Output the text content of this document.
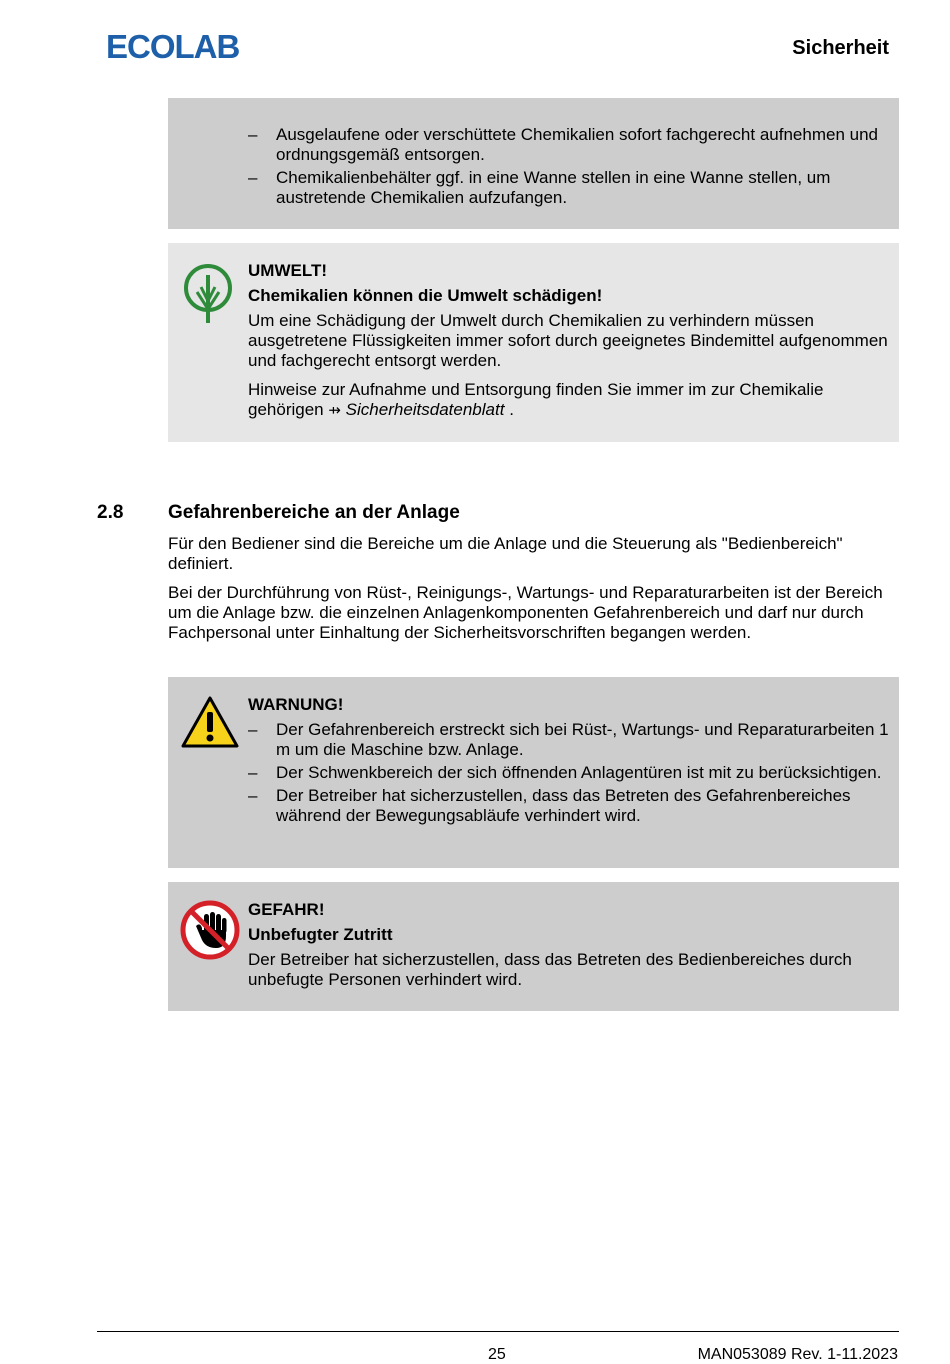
ECOLAB	Sicherheit
– Ausgelaufene oder verschüttete Chemikalien sofort fachgerecht aufnehmen und ordnungsgemäß entsorgen.
– Chemikalienbehälter ggf. in eine Wanne stellen in eine Wanne stellen, um austretende Chemikalien aufzufangen.
UMWELT!
Chemikalien können die Umwelt schädigen!

Um eine Schädigung der Umwelt durch Chemikalien zu verhindern müssen ausgetretene Flüssigkeiten immer sofort durch geeignetes Bindemittel aufgenommen und fachgerecht entsorgt werden.

Hinweise zur Aufnahme und Entsorgung finden Sie immer im zur Chemikalie gehörigen ⇸ Sicherheitsdatenblatt .

2.8 Gefahrenbereiche an der Anlage

Für den Bediener sind die Bereiche um die Anlage und die Steuerung als "Bedienbereich" definiert.

Bei der Durchführung von Rüst-, Reinigungs-, Wartungs- und Reparaturarbeiten ist der Bereich um die Anlage bzw. die einzelnen Anlagenkomponenten Gefahrenbereich und darf nur durch Fachpersonal unter Einhaltung der Sicherheitsvorschriften begangen werden.

WARNUNG!
– Der Gefahrenbereich erstreckt sich bei Rüst-, Wartungs- und Reparaturarbeiten 1 m um die Maschine bzw. Anlage.
– Der Schwenkbereich der sich öffnenden Anlagentüren ist mit zu berücksichtigen.
– Der Betreiber hat sicherzustellen, dass das Betreten des Gefahrenbereiches während der Bewegungsabläufe verhindert wird.
GEFAHR!
Unbefugter Zutritt

Der Betreiber hat sicherzustellen, dass das Betreten des Bedienbereiches durch unbefugte Personen verhindert wird.

25	MAN053089 Rev. 1-11.2023
